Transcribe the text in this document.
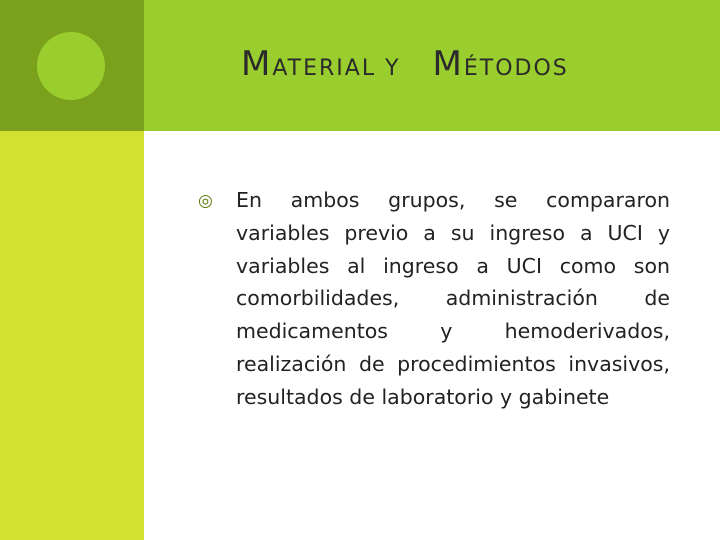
MATERIAL Y MÉTODOS
◎ En ambos grupos, se compararon variables previo a su ingreso a UCI y variables al ingreso a UCI como son comorbilidades, administración de medicamentos y hemoderivados, realización de procedimientos invasivos, resultados de laboratorio y gabinete
